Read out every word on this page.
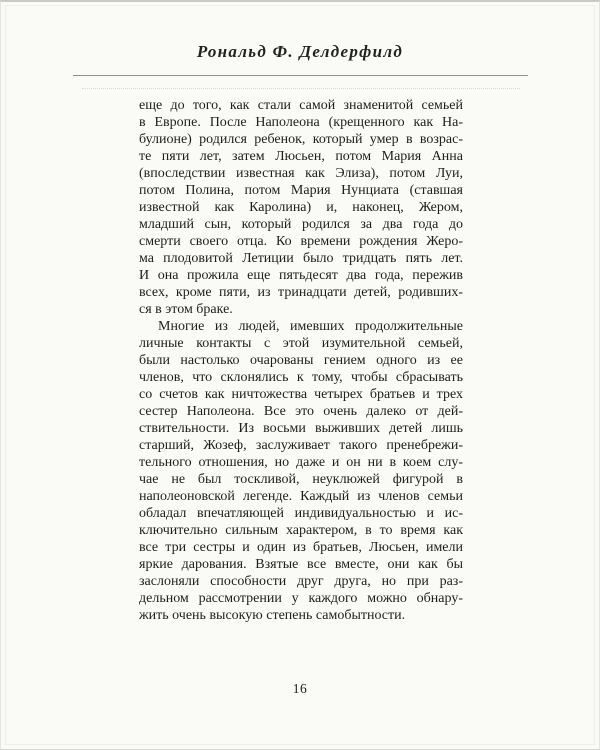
Рональд Ф. Делдерфилд
еще до того, как стали самой знаменитой семьей
в Европе. После Наполеона (крещенного как На-
булионе) родился ребенок, который умер в возрас-
те пяти лет, затем Люсьен, потом Мария Анна
(впоследствии известная как Элиза), потом Луи,
потом Полина, потом Мария Нунциата (ставшая
известной как Каролина) и, наконец, Жером,
младший сын, который родился за два года до
смерти своего отца. Ко времени рождения Жеро-
ма плодовитой Летиции было тридцать пять лет.
И она прожила еще пятьдесят два года, пережив
всех, кроме пяти, из тринадцати детей, родивших-
ся в этом браке.
Многие из людей, имевших продолжительные
личные контакты с этой изумительной семьей,
были настолько очарованы гением одного из ее
членов, что склонялись к тому, чтобы сбрасывать
со счетов как ничтожества четырех братьев и трех
сестер Наполеона. Все это очень далеко от дей-
ствительности. Из восьми выживших детей лишь
старший, Жозеф, заслуживает такого пренебрежи-
тельного отношения, но даже и он ни в коем слу-
чае не был тоскливой, неуклюжей фигурой в
наполеоновской легенде. Каждый из членов семьи
обладал впечатляющей индивидуальностью и ис-
ключительно сильным характером, в то время как
все три сестры и один из братьев, Люсьен, имели
яркие дарования. Взятые все вместе, они как бы
заслоняли способности друг друга, но при раз-
дельном рассмотрении у каждого можно обнару-
жить очень высокую степень самобытности.
16
